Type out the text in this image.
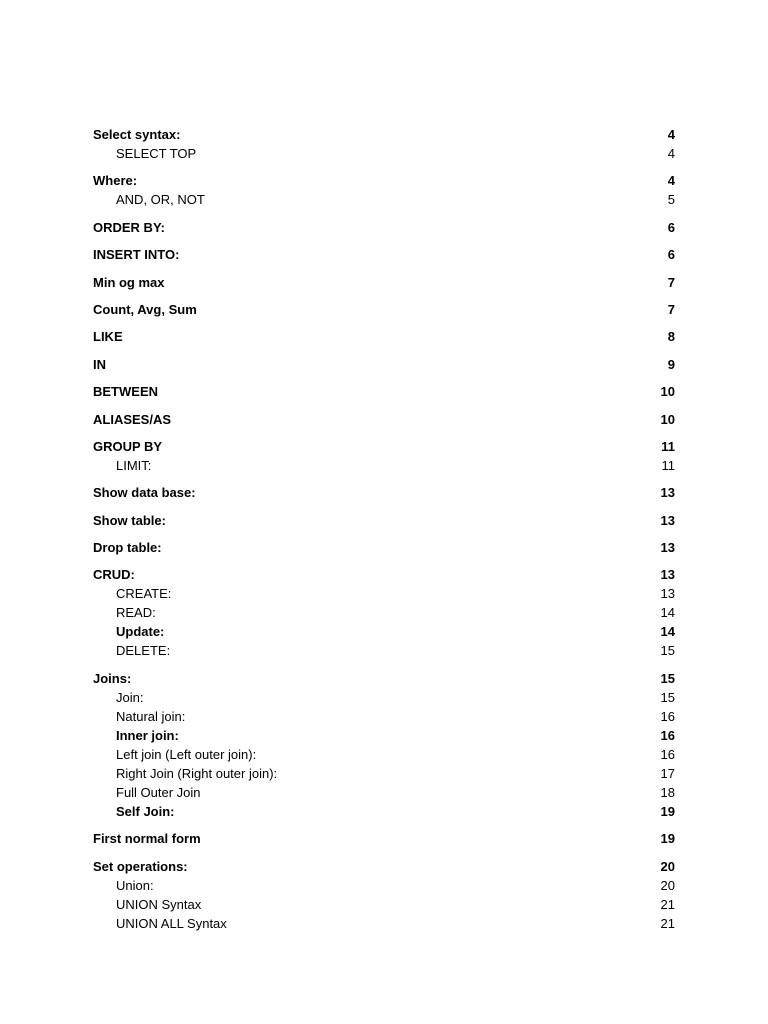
Select syntax:	4
SELECT TOP	4
Where:	4
AND, OR, NOT	5
ORDER BY:	6
INSERT INTO:	6
Min og max	7
Count, Avg, Sum	7
LIKE	8
IN	9
BETWEEN	10
ALIASES/AS	10
GROUP BY	11
LIMIT:	11
Show data base:	13
Show table:	13
Drop table:	13
CRUD:	13
CREATE:	13
READ:	14
Update:	14
DELETE:	15
Joins:	15
Join:	15
Natural join:	16
Inner join:	16
Left join (Left outer join):	16
Right Join (Right outer join):	17
Full Outer Join	18
Self Join:	19
First normal form	19
Set operations:	20
Union:	20
UNION Syntax	21
UNION ALL Syntax	21
